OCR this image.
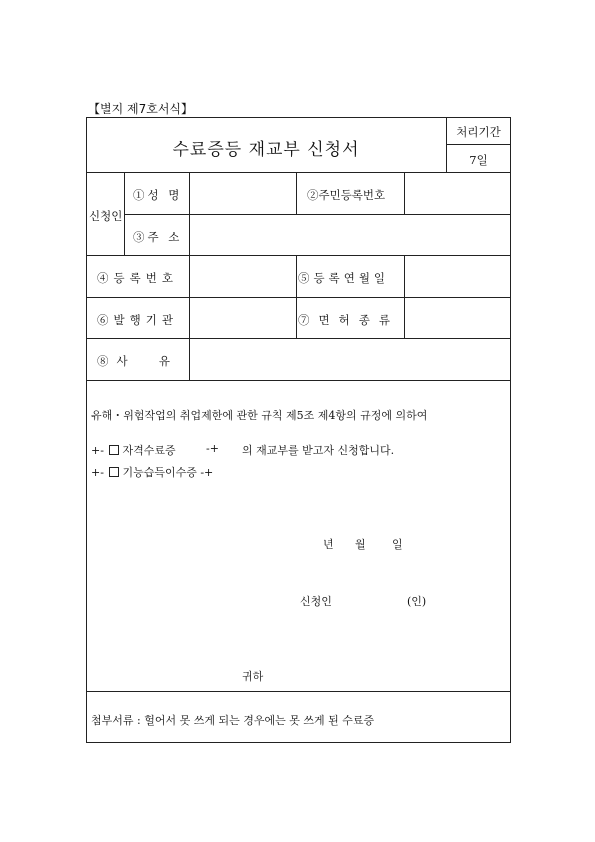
【별지 제7호서식】
수료증등 재교부 신청서
처리기간
7일
신청인
①성 명	②주민등록번호
③주 소
④등록번호	⑤등록연월일
⑥발행기관	⑦면허종류
⑧사  유
유해・위험작업의 취업제한에 관한 규칙 제5조 제4항의 규정에 의하여
+- 자격수료증	-+ 의 재교부를 받고자 신청합니다.
+- 기능습득이수증 -+
년 월 일
신청인	(인)
귀하
첨부서류 : 헐어서 못 쓰게 되는 경우에는 못 쓰게 된 수료증
